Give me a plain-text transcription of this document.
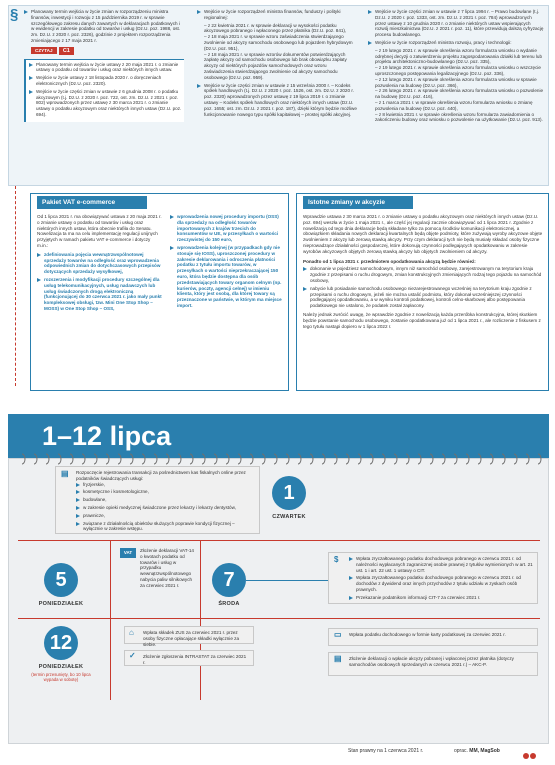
§	Planowany termin wejścia w życie zmian w rozporządzeniu ministra finansów, inwestycji i rozwoju z 15 października 2019 r. w sprawie szczegółowego zakresu danych zawartych w deklaracjach podatkowych i w ewidencji w zakresie podatku od towarów i usług (Dz.U. poz. 1988, ost. zm. Dz.U. z 2020 r. poz. 2326), godzinie z projektem rozporządzenia zmieniającego z 17 maja 2021 r.
CZYTAJ C1
Planowany termin wejścia w życie ustawy z 20 maja 2021 r. o zmianie ustawy o podatku od towarów i usług oraz niektórych innych ustaw.
Wejście w życie ustawy z 18 listopada 2020 r. o doręczeniach elektronicznych (Dz.U. poz. 2320).
Wejście w życie części zmian w ustawie z 6 grudnia 2008 r. o podatku akcyzowym (t.j. Dz.U. z 2020 r. poz. 722, ost. zm. Dz.U. z 2021 r. poz. 802) wprowadzonych przez ustawę z 30 marca 2021 r. o zmianie ustawy o podatku akcyzowym oraz niektórych innych ustaw (Dz.U. poz. 694).
Wejście w życie rozporządzeń ministra finansów, funduszy i polityki regionalnej:
– z 22 kwietnia 2021 r. w sprawie deklaracji w wysokości podatku akcyzowego pobranego i wpłaconego przez płatnika (Dz.U. poz. 841),
– z 18 maja 2021 r. w sprawie wzoru zaświadczenia stwierdzającego zwolnienie od akcyzy samochodu osobowego lub pojazdem hybrydowym (Dz.U. poz. 951),
– z 18 maja 2021 r. w sprawie wzorów dokumentów potwierdzających zapłatę akcyzy od samochodu osobowego lub brak obowiązku zapłaty akcyzy od niektórych pojazdów samochodowych oraz wzoru zaświadczenia stwierdzającego zwolnienie od akcyzy samochodu osobowego (Dz.U. poz. 959).
Wejście w życie części zmian w ustawie z 15 września 2000 r. – Kodeks spółek handlowych (t.j. Dz.U. z 2020 r. poz. 1526, ost. zm. Dz.U. z 2020 r. poz. 2320) wprowadzonych przez ustawę z 19 lipca 2019 r. o zmianie ustawy – Kodeks spółek handlowych oraz niektórych innych ustaw (Dz.U. poz. 1655; ost. zm. Dz.U. z 2021 r. poz. 187), dzięki którym będzie możliwe funkcjonowanie nowego typu spółki kapitałowej – prostej spółki akcyjnej.
Wejście w życie części zmian w ustawie z 7 lipca 1994 r. – Prawo budowlane (t.j. Dz.U. z 2020 r. poz. 1333, ost. zm. Dz.U. z 2021 r. poz. 784) wprowadzonych przez ustawę z 10 grudnia 2020 r. o zmianie niektórych ustaw wspierających rozwój mieszkalnictwa (Dz.U. z 2021 r. poz. 11), które przewidują dalszą cyfryzację procesu budowlanego.
Wejście w życie rozporządzeń ministra rozwoju, pracy i technologii:
– z 19 lutego 2021 r. w sprawie określenia wzoru formularza wniosku o wydanie odrębnej decyzji o zatwierdzeniu projektu zagospodarowania działki lub terenu lub projektu architektoniczno-budowlanego (Dz.U. poz. 335),
– z 19 lutego 2021 r. w sprawie określenia wzoru formularza wniosku o wszczęcie uproszczonego postępowania legalizacyjnego (Dz.U. poz. 336),
– z 12 lutego 2021 r. w sprawie określenia wzoru formularza wniosku w sprawie pozwolenia na budowę (Dz.U. poz. 366),
– z 26 lutego 2021 r. w sprawie określenia wzoru formularza wniosku o pozwolenie na budowę (Dz.U. poz. 416),
– z 1 marca 2021 r. w sprawie określenia wzoru formularza wniosku o zmianę pozwolenia na budowę (Dz.U. poz. 440),
– z 8 kwietnia 2021 r. w sprawie określenia wzoru formularza zawiadomienia o zakończeniu budowy oraz wniosku o pozwolenie na użytkowanie (Dz.U. poz. 913).
Pakiet VAT e-commerce
Od 1 lipca 2021 r. ma obowiązywać ustawa z 20 maja 2021 r. o zmianie ustawy o podatku od towarów i usług oraz niektórych innych ustaw, która obecnie trafiła do Senatu. Nowelizacja ta ma na celu implementację regulacji unijnych przyjętych w ramach pakietu VAT e-commerce i dotyczy m.in.:
zdefiniowania pojęcia wewnątrzwspólnotowej sprzedaży towarów na odległość oraz wprowadzenia odpowiednich zmian do dotychczasowych przepisów dotyczących sprzedaży wysyłkowej,
rozszerzenia i modyfikacji procedury szczególnej dla usług telekomunikacyjnych, usług nadawczych lub usług świadczonych drogą elektroniczną (funkcjonującej do 30 czerwca 2021 r. jako mały punkt kompleksowej obsługi, tzw. Mini One Stop Shop – MOSS) w One Stop Shop – OSS,
wprowadzenia nowej procedury importu (OSS) dla sprzedaży na odległość towarów importowanych z krajów trzecich do konsumentów w UE, w przesyłkach o wartości rzeczywistej do 150 euro,
wprowadzenia kolejnej (w przypadkach gdy nie stosuje się IOSS), uproszczonej procedury w zakresie deklarowania i odroczenia płatności podatku z tytułu importu towarów, w przesyłkach o wartości nieprzekraczającej 150 euro, która będzie dostępna dla osób przedstawiających towary organom celnym (np. kurierów, poczty, agencji celnej) w imieniu klienta, który jest osobą, dla której towary są przeznaczone w państwie, w którym ma miejsce import.
Istotne zmiany w akcyzie
Wprawdzie ustawa z 30 marca 2021 r. o zmianie ustawy o podatku akcyzowym oraz niektórych innych ustaw (Dz.U. poz. 694) weszła w życie 1 maja 2021 r., ale część jej regulacji zacznie obowiązywać od 1 lipca 2021 r. Zgodnie z nowelizacją od tego dnia deklaracje będą składane tylko za pomocą środków komunikacji elektronicznej, a obowiązkiem składania nowych deklaracji kwartalnych będą objęte podmioty, które zużywają wyroby akcyzowe objęte zwolnieniem z akcyzy lub zerową stawką akcyzy. Przy czym deklaracji tych nie będą musiały składać osoby fizyczne nieprowadzące działalności gospodarczej, które dokonują czynności podlegających opodatkowaniu w zakresie wyrobów akcyzowych objętych zerową stawką akcyzy lub objętych zwolnieniem od akcyzy.
Ponadto od 1 lipca 2021 r. przedmiotem opodatkowania akcyzą będzie również:
dokonanie w pojedziesz samochodowym, innym niż samochód osobowy, zarejestrowanym na terytorium kraju zgodnie z przepisami o ruchu drogowym, zmian konstrukcyjnych zmieniających rodzaj tego pojazdu na samochód osobowy,
nabycie lub posiadanie samochodu osobowego niezarejestrowanego wcześniej na terytorium kraju zgodnie z przepisami o ruchu drogowym, jeżeli nie można ustalić podmiotu, który dokonał wcześniejszej czynności podlegającej opodatkowaniu, a w wyniku kontroli podatkowej, kontroli celno-skarbowej albo postępowania podatkowego nie ustalono, że podatek został zapłacony.
Należy jednak zwrócić uwagę, że wprawdzie zgodnie z nowelizacją każda przeróbka konstrukcyjna, której skutkiem będzie powstanie samochodu osobowego, zostanie opodatkowana już od 1 lipca 2021 r., ale rozliczenie z fiskusem z tego tytułu nastąpi dopiero w 1 lipca 2022 r.
1–12 lipca
▤ Rozpoczęcie rejestrowania transakcji za pośrednictwem kas fiskalnych online przez podatników świadczących usługi:
fryzjerskie,
kosmetyczne i kosmetologiczne,
budowlane,
w zakresie opieki medycznej świadczone przez lekarzy i lekarzy dentystów,
prawnicze,
związane z działalnością obiektów służących poprawie kondycji fizycznej – wyłącznie w zakresie wstępu.
1
CZWARTEK
5
PONIEDZIAŁEK
VAT	Złożenie deklaracji VAT-14 o kwotach podatku od towarów i usług w przypadku wewnątrzwspólnotowego nabycia paliw silnikowych za czerwiec 2021 r.	7
ŚRODA
$	Wpłata zryczałtowanego podatku dochodowego pobranego w czerwcu 2021 r. od należności wypłacanych zagranicznej osobie prawnej z tytułów wymienionych w art. 21 ust. 1 i art. 22 ust. 1 ustawy o CIT.
Wpłata zryczałtowanego podatku dochodowego pobranego w czerwcu 2021 r. od dochodów z dywidend oraz innych przychodów z tytułu udziału w zyskach osób prawnych.
Przekazanie podatnikom informacji CIT-7 za czerwiec 2021 r.
▭ Wpłata podatku dochodowego w formie karty podatkowej za czerwiec 2021 r.
▤ Złożenie deklaracji o wpłacie akcyzy pobranej i wpłaconej przez płatnika (dotyczy samochodów osobowych sprzedanych w czerwcu 2021 r.) – AKC-P.
12
PONIEDZIAŁEK
(termin przesunięty, bo 10 lipca wypada w sobotę)
⌂ Wpłata składek ZUS za czerwiec 2021 r. przez osoby fizyczne opłacające składki wyłącznie za siebie.
✓ Złożenie zgłoszenia INTRASTAT za czerwiec 2021 r.
Stan prawny na 1 czerwca 2021 r.	oprac. MM, MagSob
